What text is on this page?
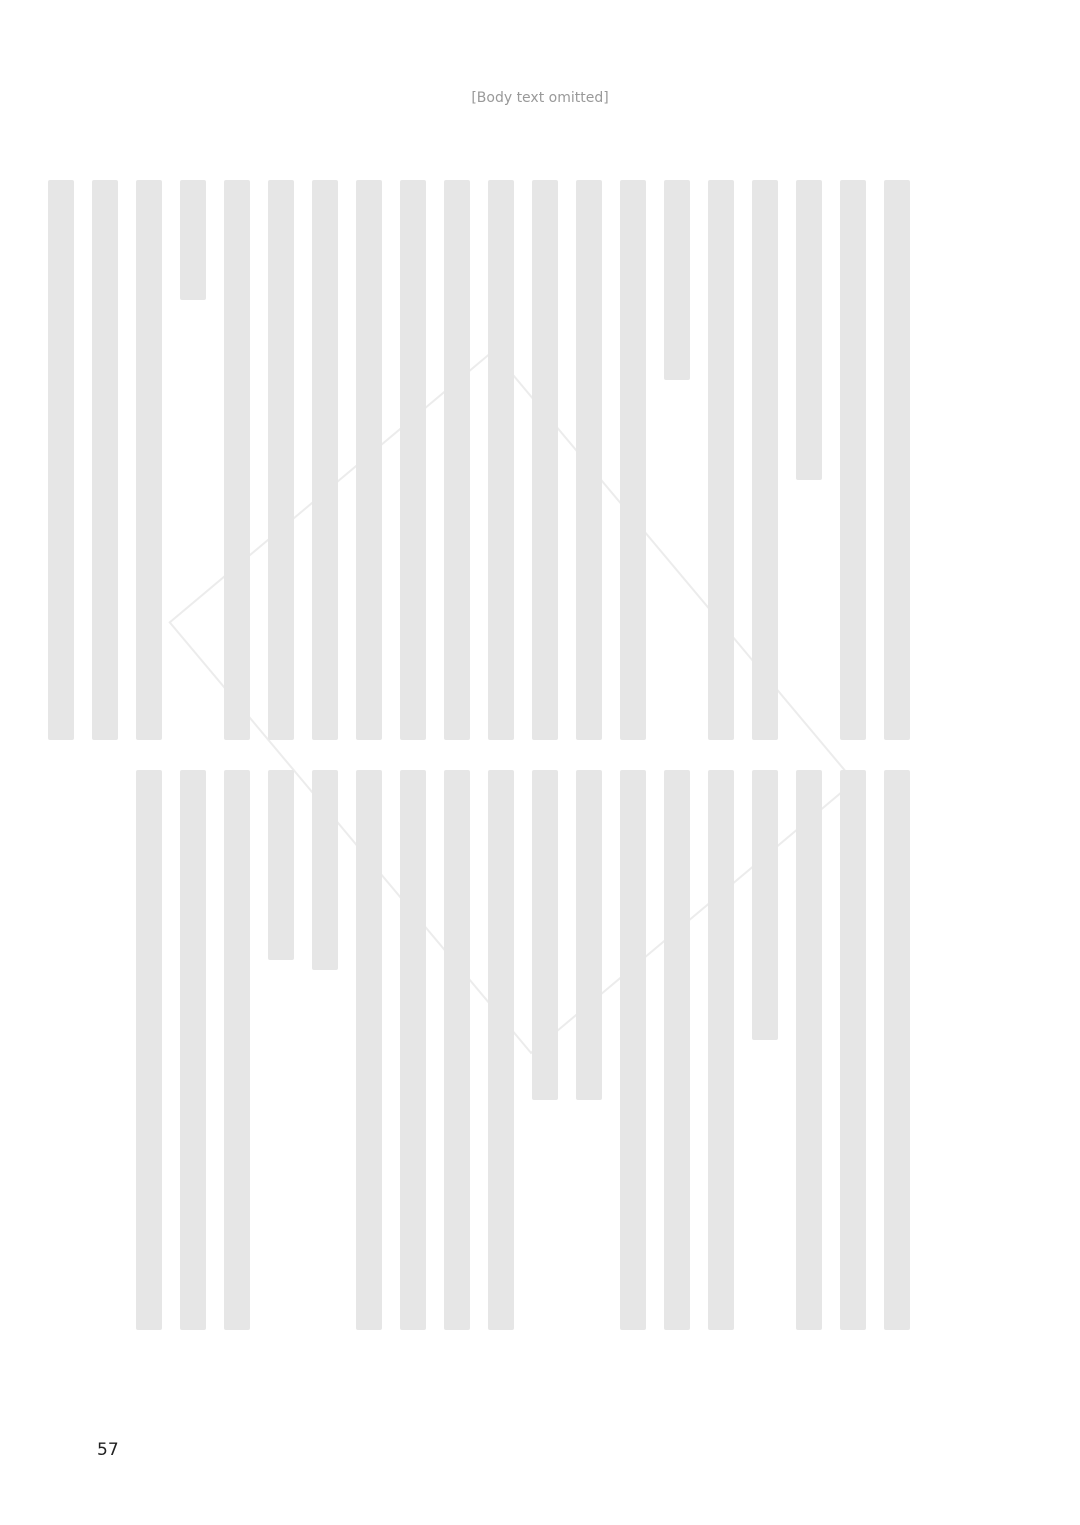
[Body text omitted]
57
